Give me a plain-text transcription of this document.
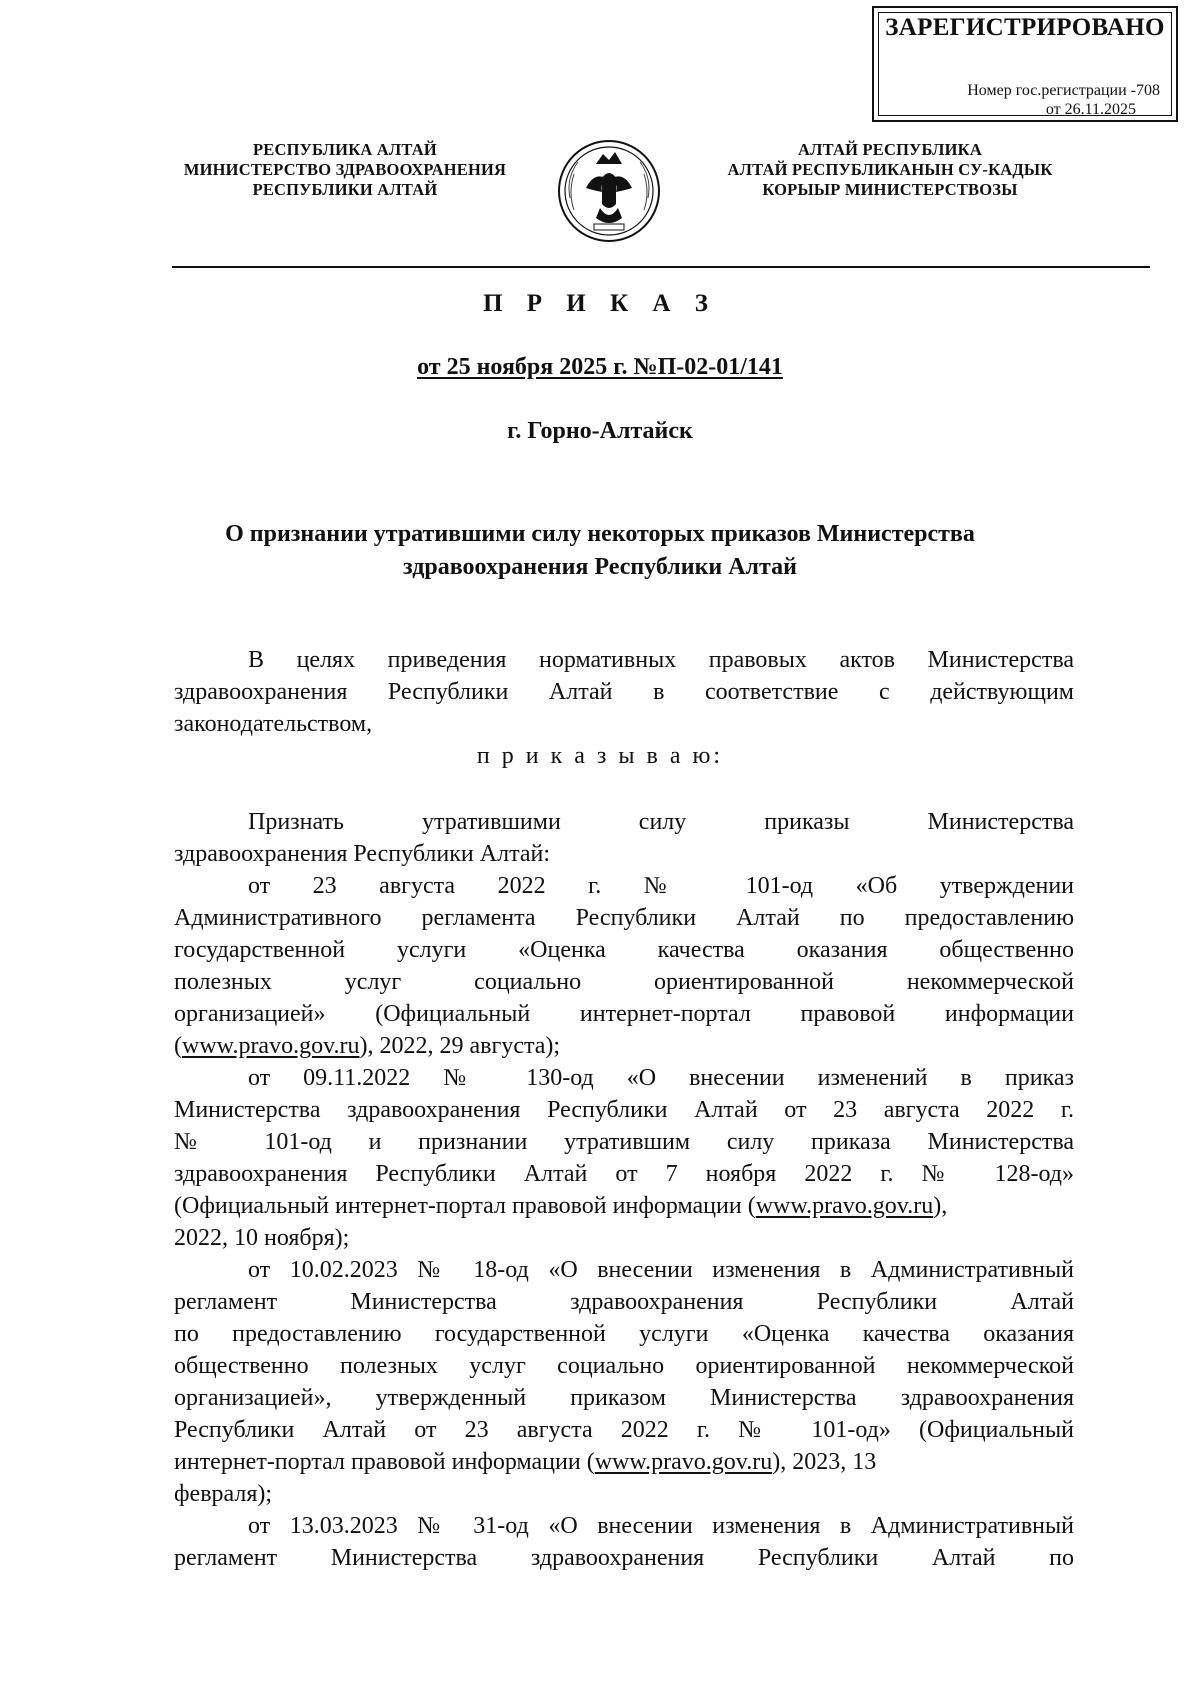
ЗАРЕГИСТРИРОВАНО
Номер гос.регистрации -708
от 26.11.2025
РЕСПУБЛИКА АЛТАЙ
МИНИСТЕРСТВО ЗДРАВООХРАНЕНИЯ
РЕСПУБЛИКИ АЛТАЙ
АЛТАЙ РЕСПУБЛИКА
АЛТАЙ РЕСПУБЛИКАНЫН СУ-КАДЫК
КОРЫЫР МИНИСТЕРСТВОЗЫ
П Р И К А З
от 25 ноября 2025 г. №П-02-01/141
г. Горно-Алтайск
О признании утратившими силу некоторых приказов Министерства
здравоохранения Республики Алтай
В целях приведения нормативных правовых актов Министерства
здравоохранения Республики Алтай в соответствие с действующим
законодательством,
п р и к а з ы в а ю:
Признать утратившими силу приказы Министерства
здравоохранения Республики Алтай:
от 23 августа 2022 г. № 101-од «Об утверждении
Административного регламента Республики Алтай по предоставлению
государственной услуги «Оценка качества оказания общественно
полезных услуг социально ориентированной некоммерческой
организацией» (Официальный интернет-портал правовой информации
(www.pravo.gov.ru), 2022, 29 августа);
от 09.11.2022 № 130-од «О внесении изменений в приказ
Министерства здравоохранения Республики Алтай от 23 августа 2022 г.
№ 101-од и признании утратившим силу приказа Министерства
здравоохранения Республики Алтай от 7 ноября 2022 г. № 128-од»
(Официальный интернет-портал правовой информации (www.pravo.gov.ru),
2022, 10 ноября);
от 10.02.2023 № 18-од «О внесении изменения в Административный
регламент Министерства здравоохранения Республики Алтай
по предоставлению государственной услуги «Оценка качества оказания
общественно полезных услуг социально ориентированной некоммерческой
организацией», утвержденный приказом Министерства здравоохранения
Республики Алтай от 23 августа 2022 г. № 101-од» (Официальный
интернет-портал правовой информации (www.pravo.gov.ru), 2023, 13
февраля);
от 13.03.2023 № 31-од «О внесении изменения в Административный
регламент Министерства здравоохранения Республики Алтай по
